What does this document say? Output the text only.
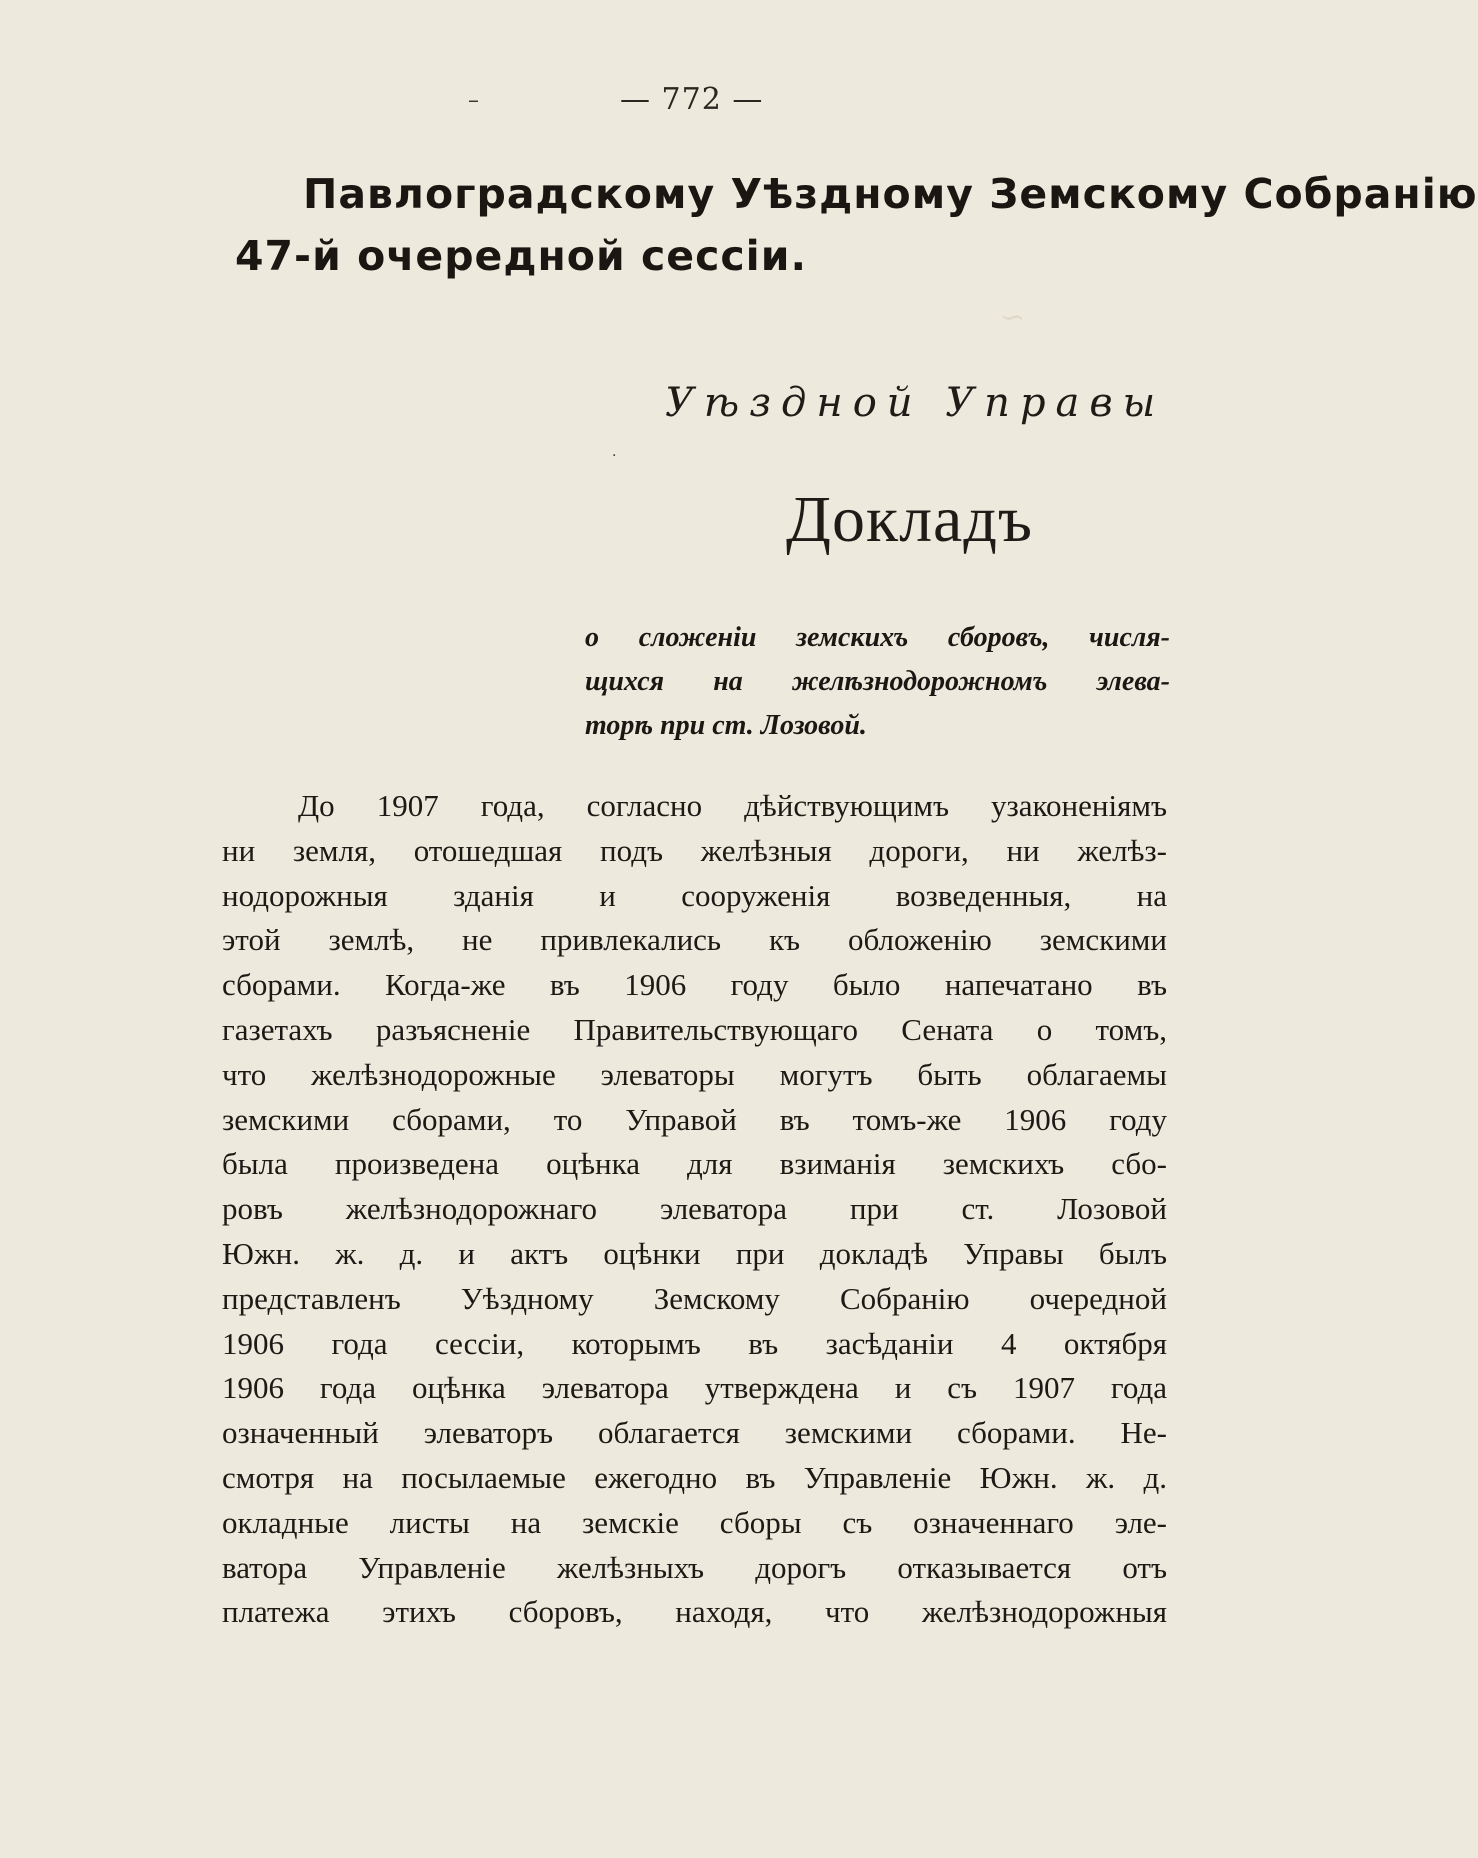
∼
–	— 772 —
Павлоградскому Уѣздному Земскому Собранію
47-й очередной сессіи.
Уѣздной Управы
·
Докладъ
о сложеніи земскихъ сборовъ, числя-
щихся на желѣзнодорожномъ элева-
торѣ при ст. Лозовой.
До 1907 года, согласно дѣйствующимъ узаконеніямъ
ни земля, отошедшая подъ желѣзныя дороги, ни желѣз-
нодорожныя зданія и сооруженія возведенныя, на
этой землѣ, не привлекались къ обложенію земскими
сборами. Когда-же въ 1906 году было напечатано въ
газетахъ разъясненіе Правительствующаго Сената о томъ,
что желѣзнодорожные элеваторы могутъ быть облагаемы
земскими сборами, то Управой въ томъ-же 1906 году
была произведена оцѣнка для взиманія земскихъ сбо-
ровъ желѣзнодорожнаго элеватора при ст. Лозовой
Южн. ж. д. и актъ оцѣнки при докладѣ Управы былъ
представленъ Уѣздному Земскому Собранію очередной
1906 года сессіи, которымъ въ засѣданіи 4 октября
1906 года оцѣнка элеватора утверждена и съ 1907 года
означенный элеваторъ облагается земскими сборами. Не-
смотря на посылаемые ежегодно въ Управленіе Южн. ж. д.
окладные листы на земскіе сборы съ означеннаго эле-
ватора Управленіе желѣзныхъ дорогъ отказывается отъ
платежа этихъ сборовъ, находя, что желѣзнодорожныя
